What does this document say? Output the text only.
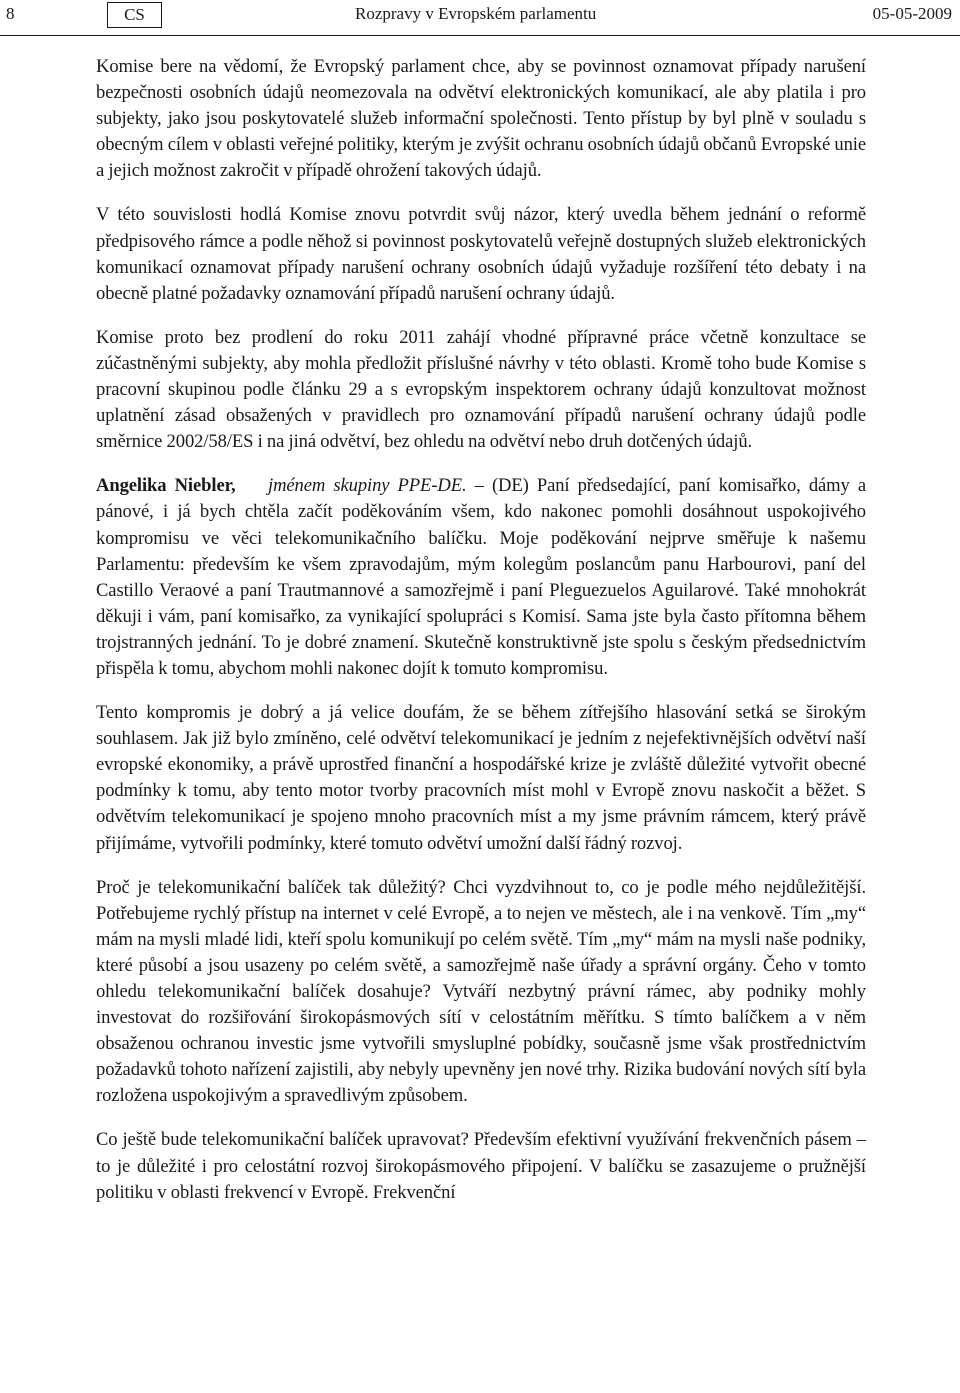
8	CS	Rozpravy v Evropském parlamentu	05-05-2009

Komise bere na vědomí, že Evropský parlament chce, aby se povinnost oznamovat případy narušení bezpečnosti osobních údajů neomezovala na odvětví elektronických komunikací, ale aby platila i pro subjekty, jako jsou poskytovatelé služeb informační společnosti. Tento přístup by byl plně v souladu s obecným cílem v oblasti veřejné politiky, kterým je zvýšit ochranu osobních údajů občanů Evropské unie a jejich možnost zakročit v případě ohrožení takových údajů.

V této souvislosti hodlá Komise znovu potvrdit svůj názor, který uvedla během jednání o reformě předpisového rámce a podle něhož si povinnost poskytovatelů veřejně dostupných služeb elektronických komunikací oznamovat případy narušení ochrany osobních údajů vyžaduje rozšíření této debaty i na obecně platné požadavky oznamování případů narušení ochrany údajů.

Komise proto bez prodlení do roku 2011 zahájí vhodné přípravné práce včetně konzultace se zúčastněnými subjekty, aby mohla předložit příslušné návrhy v této oblasti. Kromě toho bude Komise s pracovní skupinou podle článku 29 a s evropským inspektorem ochrany údajů konzultovat možnost uplatnění zásad obsažených v pravidlech pro oznamování případů narušení ochrany údajů podle směrnice 2002/58/ES i na jiná odvětví, bez ohledu na odvětví nebo druh dotčených údajů.

Angelika Niebler, jménem skupiny PPE-DE. – (DE) Paní předsedající, paní komisařko, dámy a pánové, i já bych chtěla začít poděkováním všem, kdo nakonec pomohli dosáhnout uspokojivého kompromisu ve věci telekomunikačního balíčku. Moje poděkování nejprve směřuje k našemu Parlamentu: především ke všem zpravodajům, mým kolegům poslancům panu Harbourovi, paní del Castillo Veraové a paní Trautmannové a samozřejmě i paní Pleguezuelos Aguilarové. Také mnohokrát děkuji i vám, paní komisařko, za vynikající spolupráci s Komisí. Sama jste byla často přítomna během trojstranných jednání. To je dobré znamení. Skutečně konstruktivně jste spolu s českým předsednictvím přispěla k tomu, abychom mohli nakonec dojít k tomuto kompromisu.

Tento kompromis je dobrý a já velice doufám, že se během zítřejšího hlasování setká se širokým souhlasem. Jak již bylo zmíněno, celé odvětví telekomunikací je jedním z nejefektivnějších odvětví naší evropské ekonomiky, a právě uprostřed finanční a hospodářské krize je zvláště důležité vytvořit obecné podmínky k tomu, aby tento motor tvorby pracovních míst mohl v Evropě znovu naskočit a běžet. S odvětvím telekomunikací je spojeno mnoho pracovních míst a my jsme právním rámcem, který právě přijímáme, vytvořili podmínky, které tomuto odvětví umožní další řádný rozvoj.

Proč je telekomunikační balíček tak důležitý? Chci vyzdvihnout to, co je podle mého nejdůležitější. Potřebujeme rychlý přístup na internet v celé Evropě, a to nejen ve městech, ale i na venkově. Tím „my“ mám na mysli mladé lidi, kteří spolu komunikují po celém světě. Tím „my“ mám na mysli naše podniky, které působí a jsou usazeny po celém světě, a samozřejmě naše úřady a správní orgány. Čeho v tomto ohledu telekomunikační balíček dosahuje? Vytváří nezbytný právní rámec, aby podniky mohly investovat do rozšiřování širokopásmových sítí v celostátním měřítku. S tímto balíčkem a v něm obsaženou ochranou investic jsme vytvořili smysluplné pobídky, současně jsme však prostřednictvím požadavků tohoto nařízení zajistili, aby nebyly upevněny jen nové trhy. Rizika budování nových sítí byla rozložena uspokojivým a spravedlivým způsobem.

Co ještě bude telekomunikační balíček upravovat? Především efektivní využívání frekvenčních pásem – to je důležité i pro celostátní rozvoj širokopásmového připojení. V balíčku se zasazujeme o pružnější politiku v oblasti frekvencí v Evropě. Frekvenční
